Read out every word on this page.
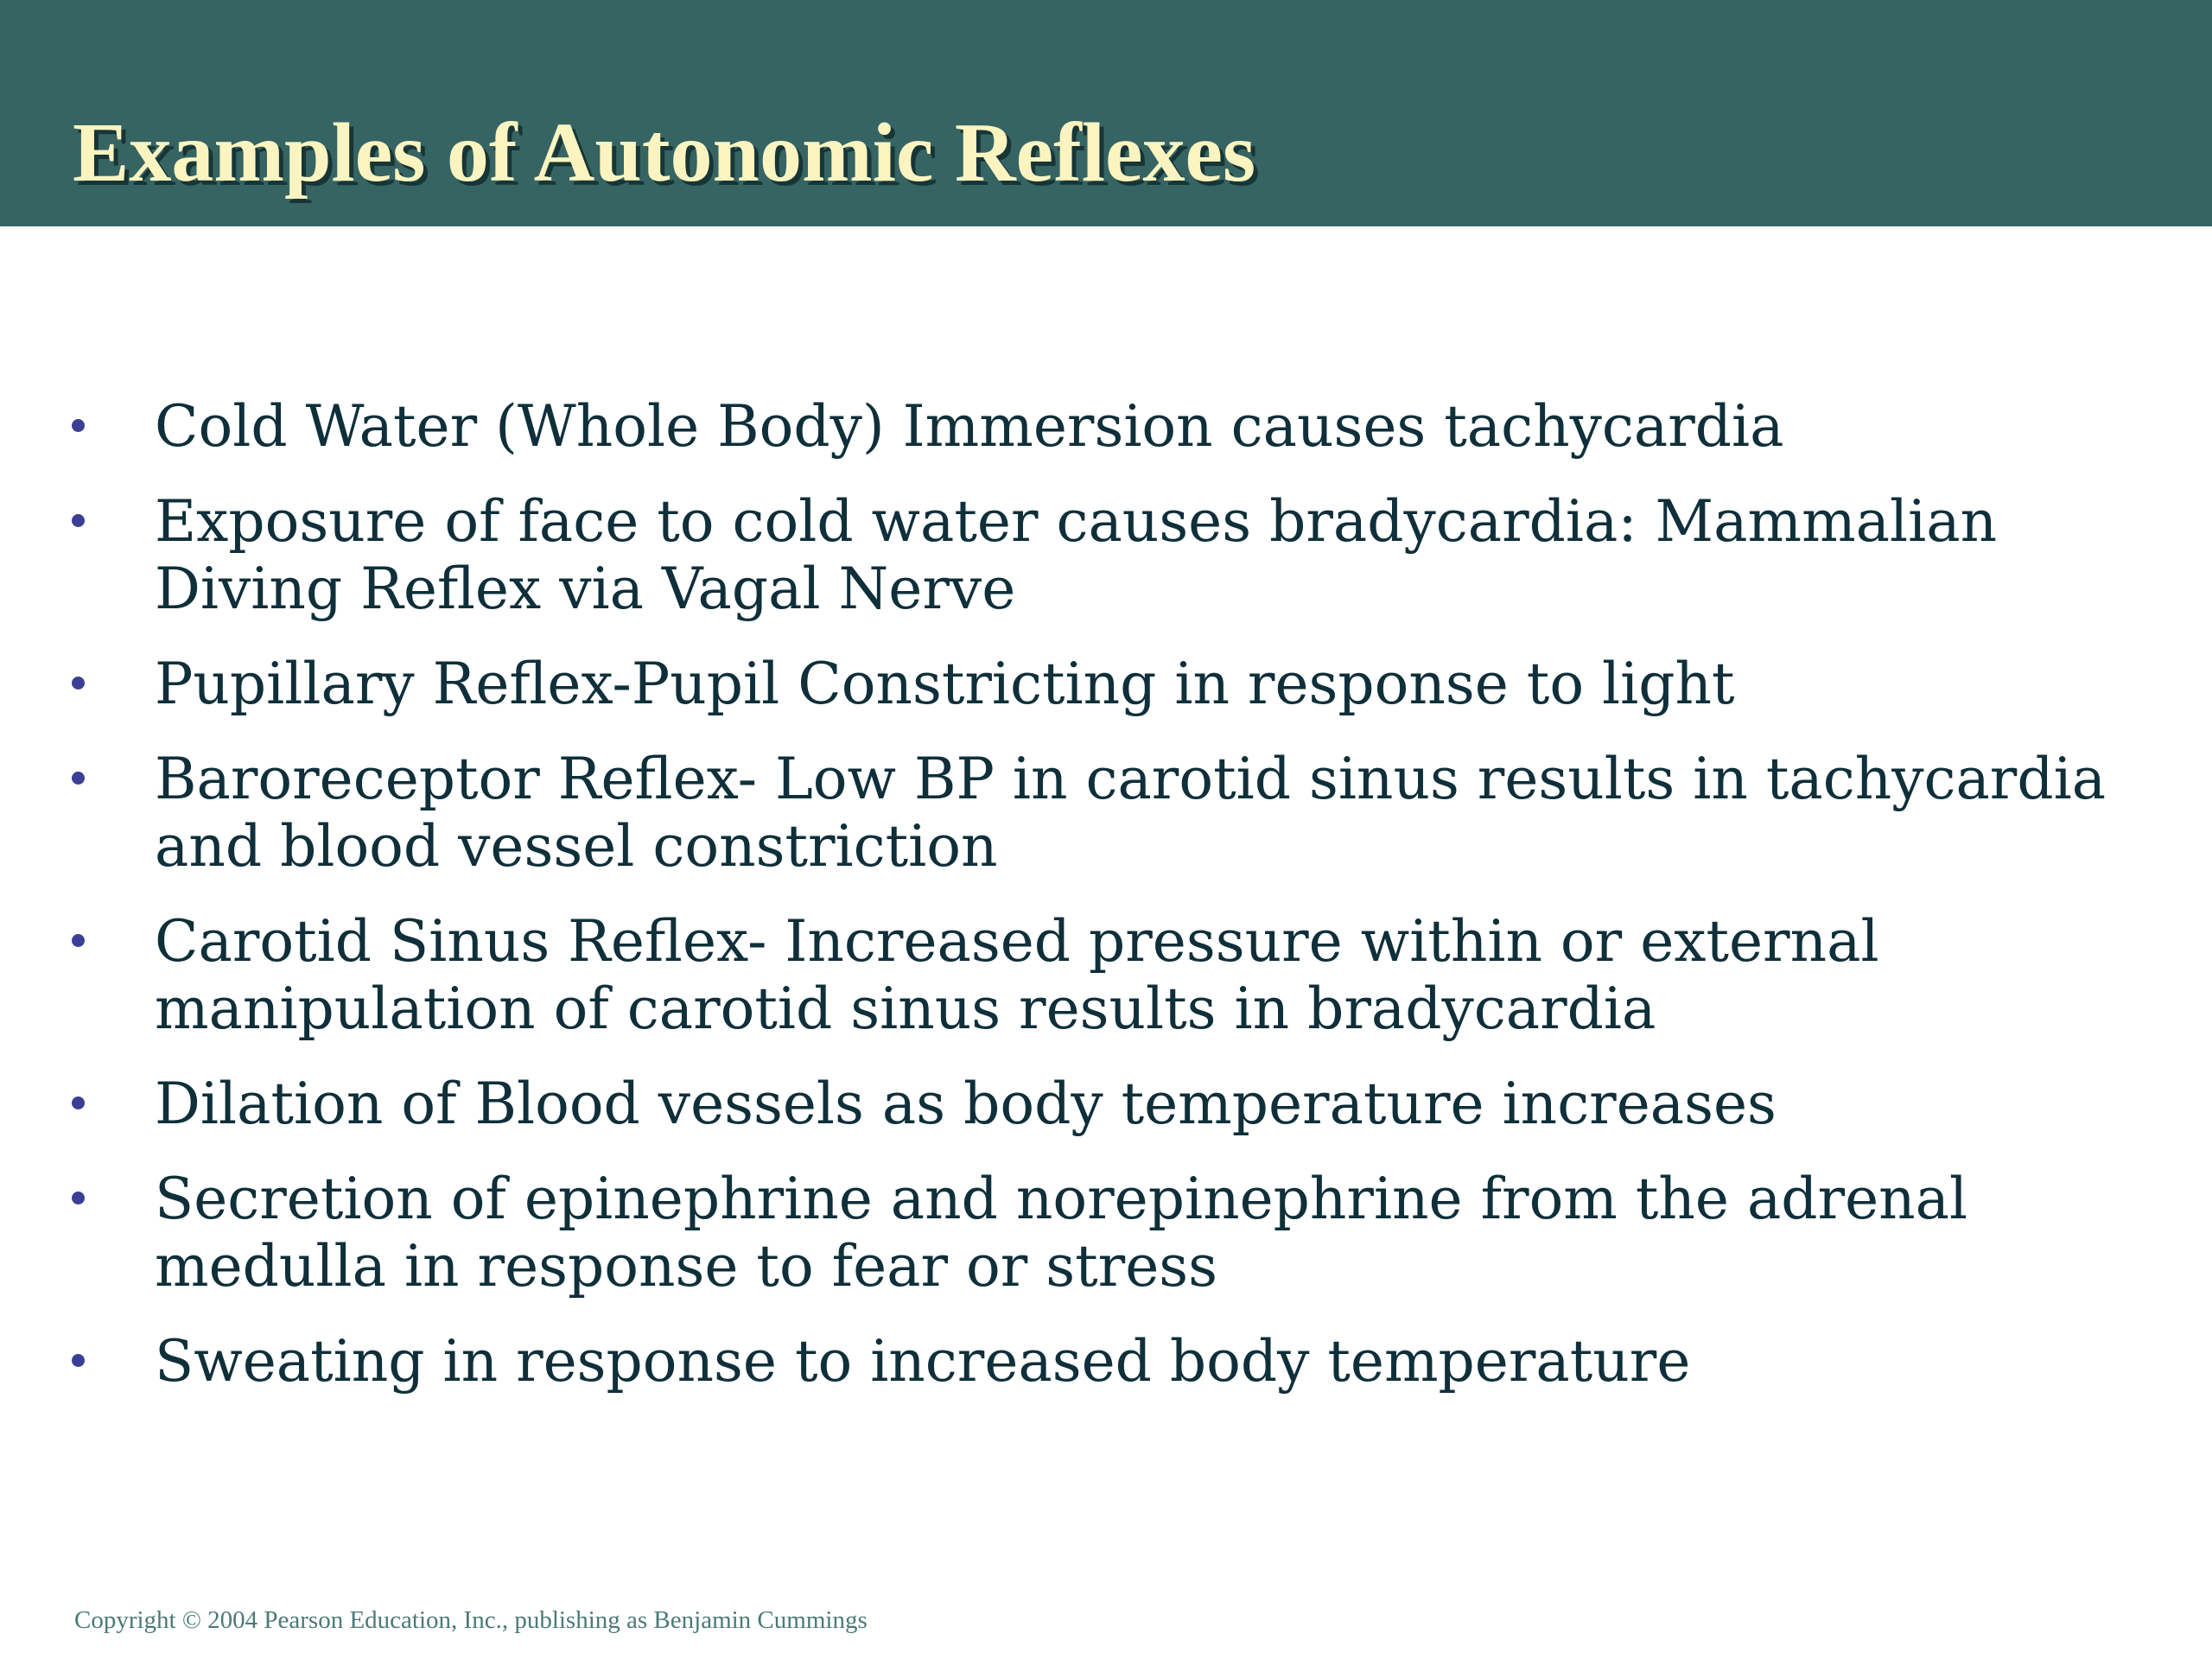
Examples of Autonomic Reflexes
Cold Water (Whole Body) Immersion causes tachycardia
Exposure of face to cold water causes bradycardia: Mammalian Diving Reflex via Vagal Nerve
Pupillary Reflex-Pupil Constricting in response to light
Baroreceptor Reflex- Low BP in carotid sinus results in tachycardia and blood vessel constriction
Carotid Sinus Reflex- Increased pressure within or external manipulation of carotid sinus results in bradycardia
Dilation of Blood vessels as body temperature increases
Secretion of epinephrine and norepinephrine from the adrenal medulla in response to fear or stress
Sweating in response to increased body temperature

Copyright © 2004 Pearson Education, Inc., publishing as Benjamin Cummings
